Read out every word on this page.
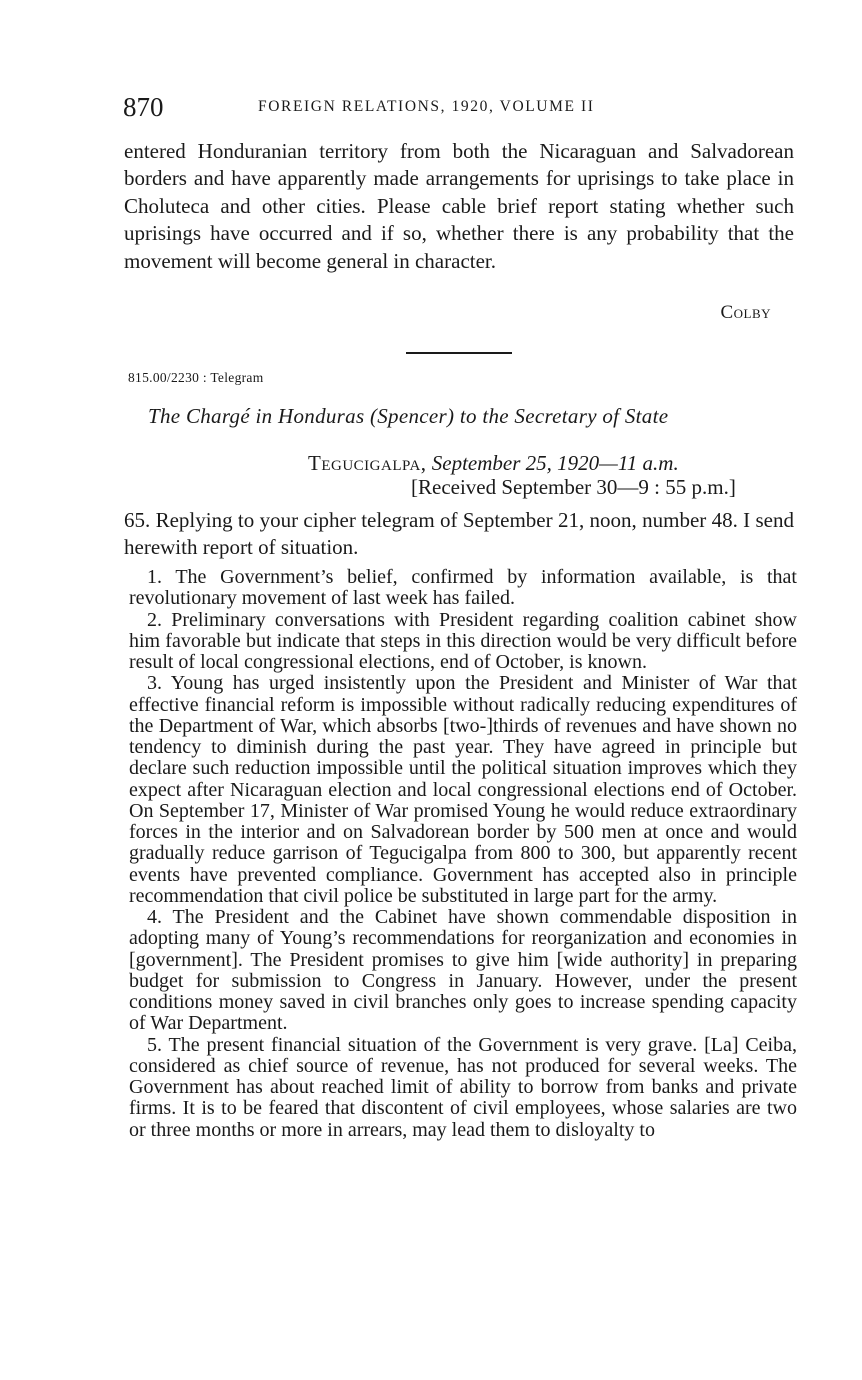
870	FOREIGN RELATIONS, 1920, VOLUME II

entered Honduranian territory from both the Nicaraguan and Salvadorean borders and have apparently made arrangements for uprisings to take place in Choluteca and other cities. Please cable brief report stating whether such uprisings have occurred and if so, whether there is any probability that the movement will become general in character.

Colby
815.00/2230 : Telegram
The Chargé in Honduras (Spencer) to the Secretary of State
Tegucigalpa, September 25, 1920—11 a.m.
[Received September 30—9 : 55 p.m.]

65. Replying to your cipher telegram of September 21, noon, number 48. I send herewith report of situation.

1. The Government’s belief, confirmed by information available, is that revolutionary movement of last week has failed.

2. Preliminary conversations with President regarding coalition cabinet show him favorable but indicate that steps in this direction would be very difficult before result of local congressional elections, end of October, is known.

3. Young has urged insistently upon the President and Minister of War that effective financial reform is impossible without radically reducing expenditures of the Department of War, which absorbs [two-]thirds of revenues and have shown no tendency to diminish during the past year. They have agreed in principle but declare such reduction impossible until the political situation improves which they expect after Nicaraguan election and local congressional elections end of October. On September 17, Minister of War promised Young he would reduce extraordinary forces in the interior and on Salvadorean border by 500 men at once and would gradually reduce garrison of Tegucigalpa from 800 to 300, but apparently recent events have prevented compliance. Government has accepted also in principle recommendation that civil police be substituted in large part for the army.

4. The President and the Cabinet have shown commendable disposition in adopting many of Young’s recommendations for reorganization and economies in [government]. The President promises to give him [wide authority] in preparing budget for submission to Congress in January. However, under the present conditions money saved in civil branches only goes to increase spending capacity of War Department.

5. The present financial situation of the Government is very grave. [La] Ceiba, considered as chief source of revenue, has not produced for several weeks. The Government has about reached limit of ability to borrow from banks and private firms. It is to be feared that discontent of civil employees, whose salaries are two or three months or more in arrears, may lead them to disloyalty to
